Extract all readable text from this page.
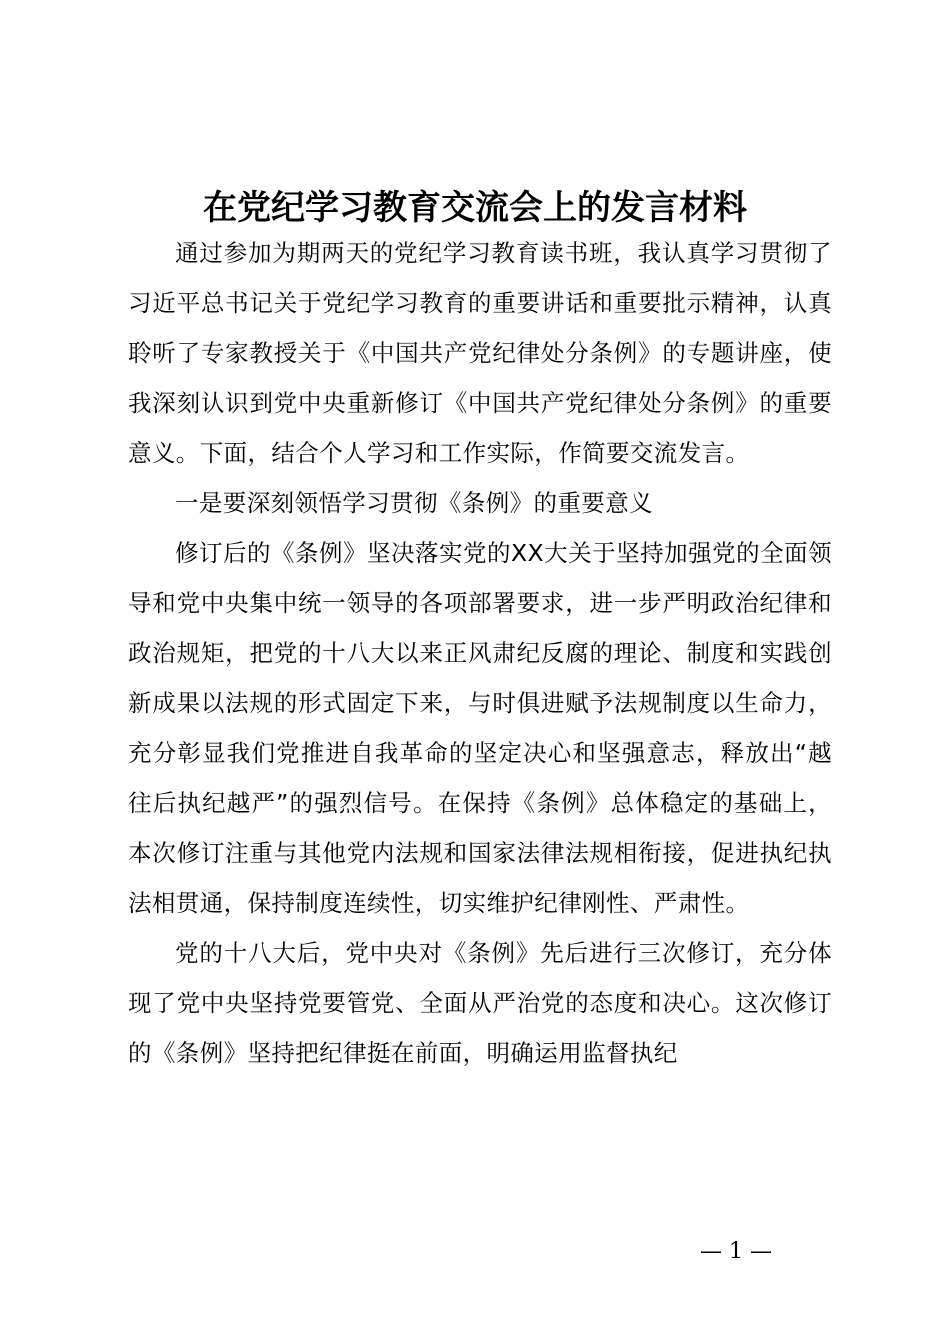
在党纪学习教育交流会上的发言材料

通过参加为期两天的党纪学习教育读书班，我认真学习贯彻了习近平总书记关于党纪学习教育的重要讲话和重要批示精神，认真聆听了专家教授关于《中国共产党纪律处分条例》的专题讲座，使我深刻认识到党中央重新修订《中国共产党纪律处分条例》的重要意义。下面，结合个人学习和工作实际，作简要交流发言。

一是要深刻领悟学习贯彻《条例》的重要意义

修订后的《条例》坚决落实党的XX大关于坚持加强党的全面领导和党中央集中统一领导的各项部署要求，进一步严明政治纪律和政治规矩，把党的十八大以来正风肃纪反腐的理论、制度和实践创新成果以法规的形式固定下来，与时俱进赋予法规制度以生命力，充分彰显我们党推进自我革命的坚定决心和坚强意志，释放出“越往后执纪越严”的强烈信号。在保持《条例》总体稳定的基础上，本次修订注重与其他党内法规和国家法律法规相衔接，促进执纪执法相贯通，保持制度连续性，切实维护纪律刚性、严肃性。

党的十八大后，党中央对《条例》先后进行三次修订，充分体现了党中央坚持党要管党、全面从严治党的态度和决心。这次修订的《条例》坚持把纪律挺在前面，明确运用监督执纪

— 1 —
